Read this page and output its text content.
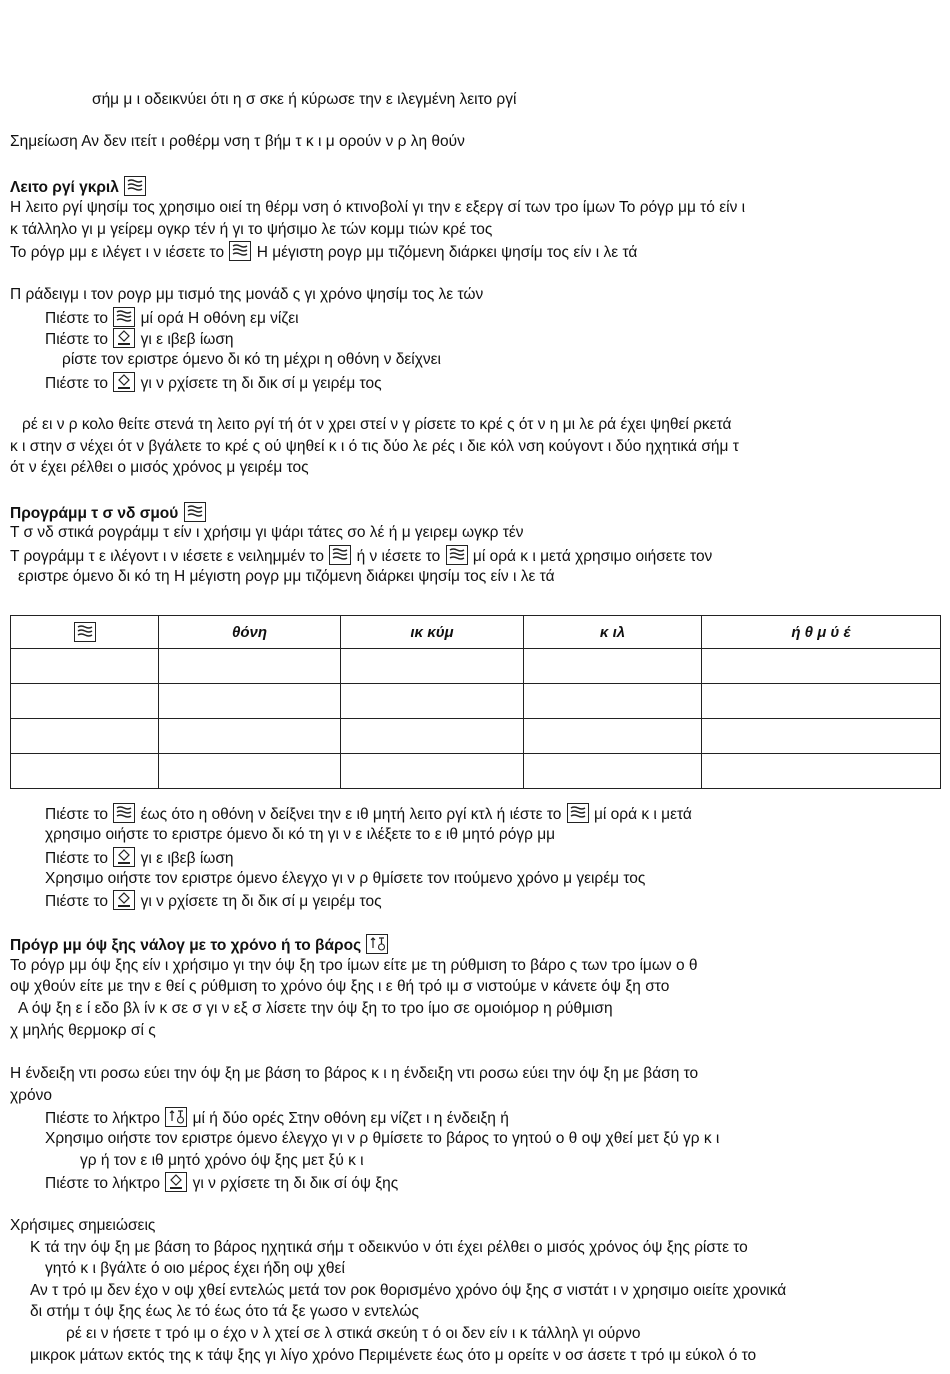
σήμ μ ι οδεικνύει ότι η σ σκε ή κύρωσε την ε ιλεγμένη λειτο ργί
Σημείωση Αν δεν ιτείτ ι ροθέρμ νση τ βήμ τ κ ι μ ορούν ν ρ λη θούν
Λειτο ργί γκριλ
Η λειτο ργί ψησίμ τος χρησιμο οιεί τη θέρμ νση ό κτινοβολί γι την ε εξεργ σί των τρο ίμων Το ρόγρ μμ τό είν ι
κ τάλληλο γι μ γείρεμ ογκρ τέν ή γι το ψήσιμο λε τών κομμ τιών κρέ τος
Το ρόγρ μμ ε ιλέγετ ι ν ιέσετε το Η μέγιστη ρογρ μμ τιζόμενη διάρκει ψησίμ τος είν ι λε τά
Π ράδειγμ ι τον ρογρ μμ τισμό της μονάδ ς γι χρόνο ψησίμ τος λε τών
Πιέστε το μί ορά Η οθόνη εμ νίζει
Πιέστε το γι ε ιβεβ ίωση
ρίστε τον εριστρε όμενο δι κό τη μέχρι η οθόνη ν δείχνει
Πιέστε το γι ν ρχίσετε τη δι δικ σί μ γειρέμ τος
ρέ ει ν ρ κολο θείτε στενά τη λειτο ργί τή ότ ν χρει στεί ν γ ρίσετε το κρέ ς ότ ν η μι λε ρά έχει ψηθεί ρκετά
κ ι στην σ νέχει ότ ν βγάλετε το κρέ ς ού ψηθεί κ ι ό τις δύο λε ρές ι διε κόλ νση κούγοντ ι δύο ηχητικά σήμ τ
ότ ν έχει ρέλθει ο μισός χρόνος μ γειρέμ τος
Προγράμμ τ σ νδ σμού
Τ σ νδ στικά ρογράμμ τ είν ι χρήσιμ γι ψάρι τάτες σο λέ ή μ γειρεμ ωγκρ τέν
Τ ρογράμμ τ ε ιλέγοντ ι ν ιέσετε ε νειλημμέν το ή ν ιέσετε το μί ορά κ ι μετά χρησιμο οιήσετε τον
εριστρε όμενο δι κό τη Η μέγιστη ρογρ μμ τιζόμενη διάρκει ψησίμ τος είν ι λε τά
	θόνη	ικ κύμ	κ ιλ	ή θ μ ύ έ

Πιέστε το έως ότο η οθόνη ν δείξνει την ε ιθ μητή λειτο ργί κτλ ή ιέστε το μί ορά κ ι μετά
χρησιμο οιήστε το εριστρε όμενο δι κό τη γι ν ε ιλέξετε το ε ιθ μητό ρόγρ μμ
Πιέστε το γι ε ιβεβ ίωση
Χρησιμο οιήστε τον εριστρε όμενο έλεγχο γι ν ρ θμίσετε τον ιτούμενο χρόνο μ γειρέμ τος
Πιέστε το γι ν ρχίσετε τη δι δικ σί μ γειρέμ τος
Πρόγρ μμ όψ ξης νάλογ με το χρόνο ή το βάρος
Το ρόγρ μμ όψ ξης είν ι χρήσιμο γι την όψ ξη τρο ίμων είτε με τη ρύθμιση το βάρο ς των τρο ίμων ο θ
οψ χθούν είτε με την ε θεί ς ρύθμιση το χρόνο όψ ξης ι ε θή τρό ιμ σ νιστούμε ν κάνετε όψ ξη στο
Α όψ ξη ε ί εδο βλ ίν κ σε σ γι ν εξ σ λίσετε την όψ ξη το τρο ίμο σε ομοιόμορ η ρύθμιση
χ μηλής θερμοκρ σί ς
Η ένδειξη ντι ροσω εύει την όψ ξη με βάση το βάρος κ ι η ένδειξη ντι ροσω εύει την όψ ξη με βάση το
χρόνο
Πιέστε το λήκτρο μί ή δύο ορές Στην οθόνη εμ νίζετ ι η ένδειξη ή
Χρησιμο οιήστε τον εριστρε όμενο έλεγχο γι ν ρ θμίσετε το βάρος το γητού ο θ οψ χθεί μετ ξύ γρ κ ι
γρ ή τον ε ιθ μητό χρόνο όψ ξης μετ ξύ κ ι
Πιέστε το λήκτρο γι ν ρχίσετε τη δι δικ σί όψ ξης
Χρήσιμες σημειώσεις
Κ τά την όψ ξη με βάση το βάρος ηχητικά σήμ τ οδεικνύο ν ότι έχει ρέλθει ο μισός χρόνος όψ ξης ρίστε το
γητό κ ι βγάλτε ό οιο μέρος έχει ήδη οψ χθεί
Αν τ τρό ιμ δεν έχο ν οψ χθεί εντελώς μετά τον ροκ θορισμένο χρόνο όψ ξης σ νιστάτ ι ν χρησιμο οιείτε χρονικά
δι στήμ τ όψ ξης έως λε τό έως ότο τά ξε γωσο ν εντελώς
ρέ ει ν ήσετε τ τρό ιμ ο έχο ν λ χτεί σε λ στικά σκεύη τ ό οι δεν είν ι κ τάλληλ γι ούρνο
μικροκ μάτων εκτός της κ τάψ ξης γι λίγο χρόνο Περιμένετε έως ότο μ ορείτε ν οσ άσετε τ τρό ιμ εύκολ ό το
